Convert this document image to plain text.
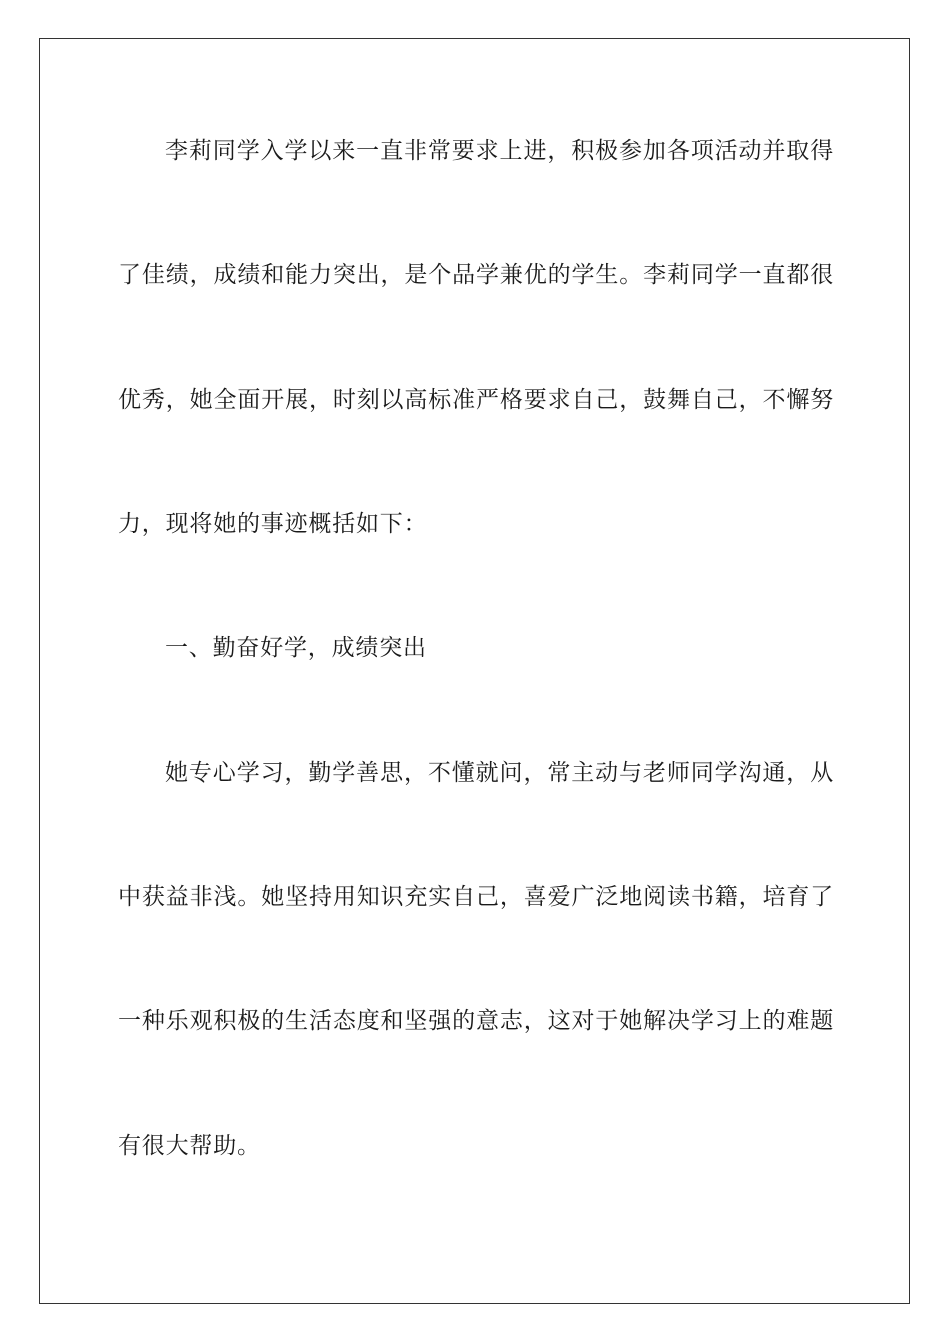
李莉同学入学以来一直非常要求上进，积极参加各项活动并取得
了佳绩，成绩和能力突出，是个品学兼优的学生。李莉同学一直都很
优秀，她全面开展，时刻以高标准严格要求自己，鼓舞自己，不懈努
力，现将她的事迹概括如下：
一、勤奋好学，成绩突出
她专心学习，勤学善思，不懂就问，常主动与老师同学沟通，从
中获益非浅。她坚持用知识充实自己，喜爱广泛地阅读书籍，培育了
一种乐观积极的生活态度和坚强的意志，这对于她解决学习上的难题
有很大帮助。
